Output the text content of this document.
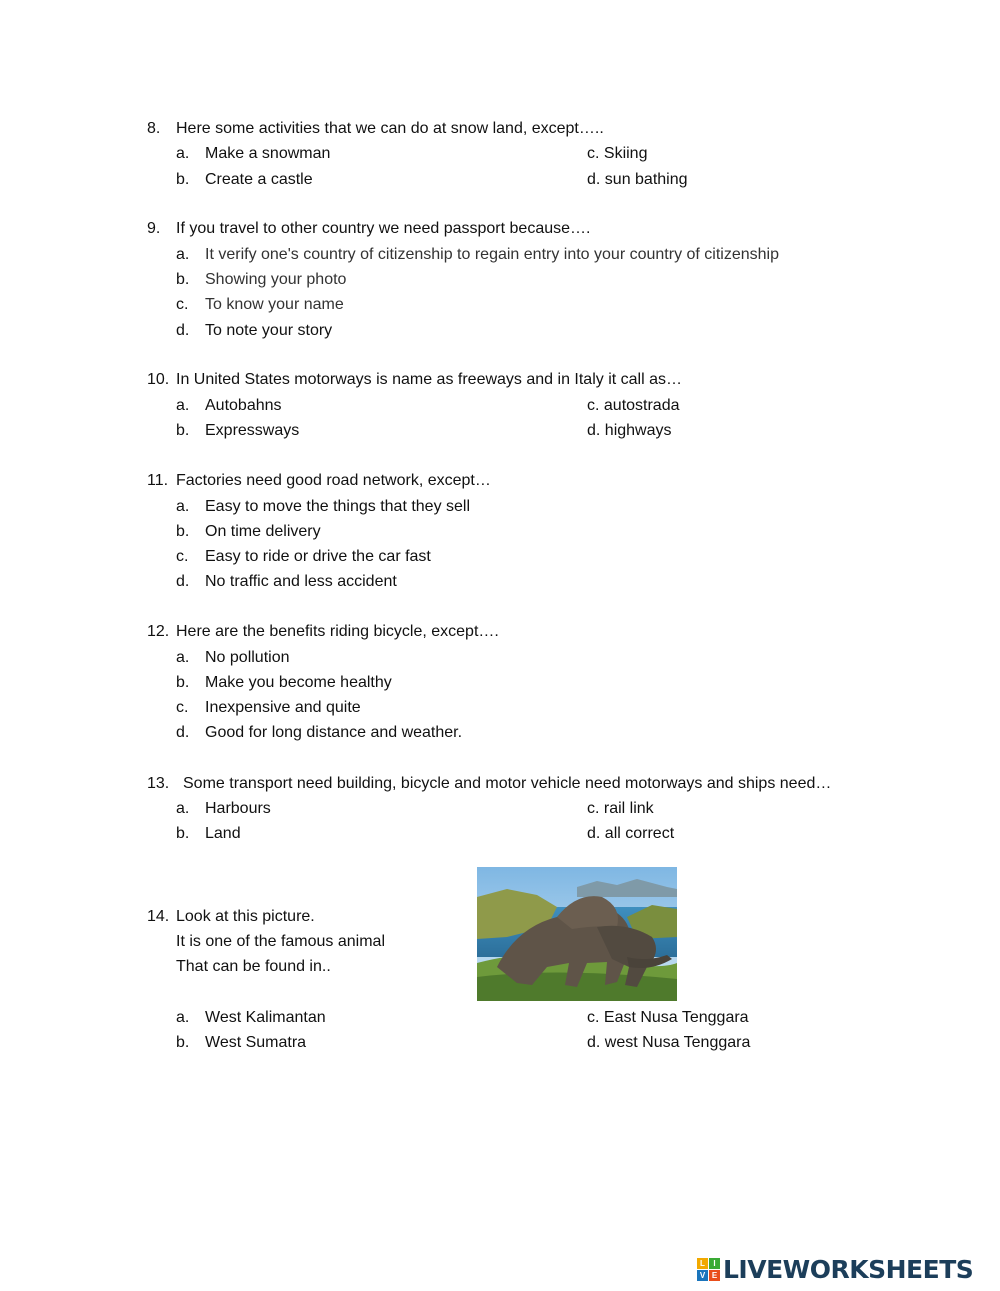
8. Here some activities that we can do at snow land, except…..
a. Make a snowman	c. Skiing
b. Create a castle	d. sun bathing
9. If you travel to other country we need passport because….
a. It verify one's country of citizenship to regain entry into your country of citizenship
b. Showing your photo
c. To know your name
d. To note your story
10. In United States motorways is name as freeways and in Italy it call as…
a. Autobahns	c. autostrada
b. Expressways	d. highways
11. Factories need good road network, except…
a. Easy to move the things that they sell
b. On time delivery
c. Easy to ride or drive the car fast
d. No traffic and less accident
12. Here are the benefits riding bicycle, except….
a. No pollution
b. Make you become healthy
c. Inexpensive and quite
d. Good for long distance and weather.
13. Some transport need building, bicycle and motor vehicle need motorways and ships need…
a. Harbours	c. rail link
b. Land	d. all correct
14. Look at this picture.
It is one of the famous animal
That can be found in..
a. West Kalimantan	c. East Nusa Tenggara
b. West Sumatra	d. west Nusa Tenggara
L	I
V E LIVEWORKSHEETS
